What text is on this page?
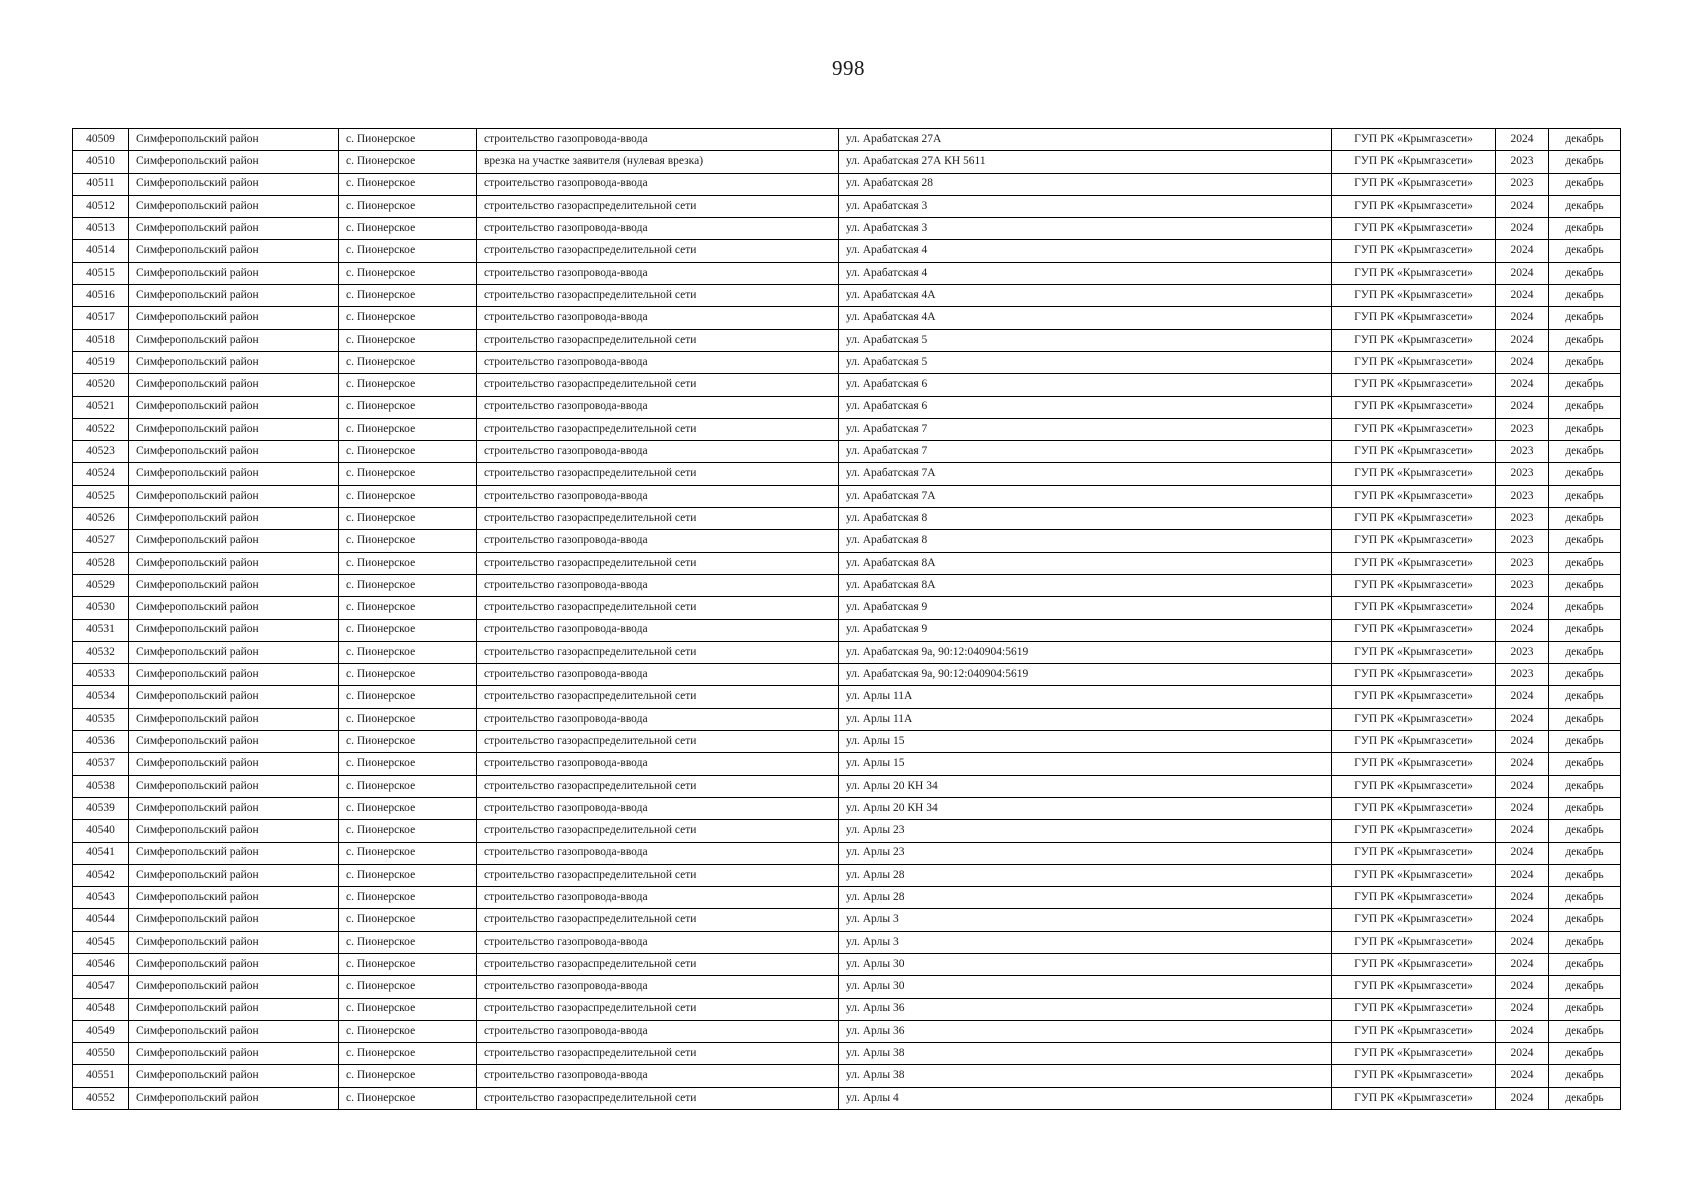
998
40509	Симферопольский район	с. Пионерское	строительство газопровода-ввода	ул. Арабатская 27А	ГУП РК «Крымгазсети»	2024	декабрь
40510	Симферопольский район	с. Пионерское	врезка на участке заявителя (нулевая врезка)	ул. Арабатская 27А КН 5611	ГУП РК «Крымгазсети»	2023	декабрь
40511	Симферопольский район	с. Пионерское	строительство газопровода-ввода	ул. Арабатская 28	ГУП РК «Крымгазсети»	2023	декабрь
40512	Симферопольский район	с. Пионерское	строительство газораспределительной сети	ул. Арабатская 3	ГУП РК «Крымгазсети»	2024	декабрь
40513	Симферопольский район	с. Пионерское	строительство газопровода-ввода	ул. Арабатская 3	ГУП РК «Крымгазсети»	2024	декабрь
40514	Симферопольский район	с. Пионерское	строительство газораспределительной сети	ул. Арабатская 4	ГУП РК «Крымгазсети»	2024	декабрь
40515	Симферопольский район	с. Пионерское	строительство газопровода-ввода	ул. Арабатская 4	ГУП РК «Крымгазсети»	2024	декабрь
40516	Симферопольский район	с. Пионерское	строительство газораспределительной сети	ул. Арабатская 4А	ГУП РК «Крымгазсети»	2024	декабрь
40517	Симферопольский район	с. Пионерское	строительство газопровода-ввода	ул. Арабатская 4А	ГУП РК «Крымгазсети»	2024	декабрь
40518	Симферопольский район	с. Пионерское	строительство газораспределительной сети	ул. Арабатская 5	ГУП РК «Крымгазсети»	2024	декабрь
40519	Симферопольский район	с. Пионерское	строительство газопровода-ввода	ул. Арабатская 5	ГУП РК «Крымгазсети»	2024	декабрь
40520	Симферопольский район	с. Пионерское	строительство газораспределительной сети	ул. Арабатская 6	ГУП РК «Крымгазсети»	2024	декабрь
40521	Симферопольский район	с. Пионерское	строительство газопровода-ввода	ул. Арабатская 6	ГУП РК «Крымгазсети»	2024	декабрь
40522	Симферопольский район	с. Пионерское	строительство газораспределительной сети	ул. Арабатская 7	ГУП РК «Крымгазсети»	2023	декабрь
40523	Симферопольский район	с. Пионерское	строительство газопровода-ввода	ул. Арабатская 7	ГУП РК «Крымгазсети»	2023	декабрь
40524	Симферопольский район	с. Пионерское	строительство газораспределительной сети	ул. Арабатская 7А	ГУП РК «Крымгазсети»	2023	декабрь
40525	Симферопольский район	с. Пионерское	строительство газопровода-ввода	ул. Арабатская 7А	ГУП РК «Крымгазсети»	2023	декабрь
40526	Симферопольский район	с. Пионерское	строительство газораспределительной сети	ул. Арабатская 8	ГУП РК «Крымгазсети»	2023	декабрь
40527	Симферопольский район	с. Пионерское	строительство газопровода-ввода	ул. Арабатская 8	ГУП РК «Крымгазсети»	2023	декабрь
40528	Симферопольский район	с. Пионерское	строительство газораспределительной сети	ул. Арабатская 8А	ГУП РК «Крымгазсети»	2023	декабрь
40529	Симферопольский район	с. Пионерское	строительство газопровода-ввода	ул. Арабатская 8А	ГУП РК «Крымгазсети»	2023	декабрь
40530	Симферопольский район	с. Пионерское	строительство газораспределительной сети	ул. Арабатская 9	ГУП РК «Крымгазсети»	2024	декабрь
40531	Симферопольский район	с. Пионерское	строительство газопровода-ввода	ул. Арабатская 9	ГУП РК «Крымгазсети»	2024	декабрь
40532	Симферопольский район	с. Пионерское	строительство газораспределительной сети	ул. Арабатская 9а, 90:12:040904:5619	ГУП РК «Крымгазсети»	2023	декабрь
40533	Симферопольский район	с. Пионерское	строительство газопровода-ввода	ул. Арабатская 9а, 90:12:040904:5619	ГУП РК «Крымгазсети»	2023	декабрь
40534	Симферопольский район	с. Пионерское	строительство газораспределительной сети	ул. Арлы 11А	ГУП РК «Крымгазсети»	2024	декабрь
40535	Симферопольский район	с. Пионерское	строительство газопровода-ввода	ул. Арлы 11А	ГУП РК «Крымгазсети»	2024	декабрь
40536	Симферопольский район	с. Пионерское	строительство газораспределительной сети	ул. Арлы 15	ГУП РК «Крымгазсети»	2024	декабрь
40537	Симферопольский район	с. Пионерское	строительство газопровода-ввода	ул. Арлы 15	ГУП РК «Крымгазсети»	2024	декабрь
40538	Симферопольский район	с. Пионерское	строительство газораспределительной сети	ул. Арлы 20 КН 34	ГУП РК «Крымгазсети»	2024	декабрь
40539	Симферопольский район	с. Пионерское	строительство газопровода-ввода	ул. Арлы 20 КН 34	ГУП РК «Крымгазсети»	2024	декабрь
40540	Симферопольский район	с. Пионерское	строительство газораспределительной сети	ул. Арлы 23	ГУП РК «Крымгазсети»	2024	декабрь
40541	Симферопольский район	с. Пионерское	строительство газопровода-ввода	ул. Арлы 23	ГУП РК «Крымгазсети»	2024	декабрь
40542	Симферопольский район	с. Пионерское	строительство газораспределительной сети	ул. Арлы 28	ГУП РК «Крымгазсети»	2024	декабрь
40543	Симферопольский район	с. Пионерское	строительство газопровода-ввода	ул. Арлы 28	ГУП РК «Крымгазсети»	2024	декабрь
40544	Симферопольский район	с. Пионерское	строительство газораспределительной сети	ул. Арлы 3	ГУП РК «Крымгазсети»	2024	декабрь
40545	Симферопольский район	с. Пионерское	строительство газопровода-ввода	ул. Арлы 3	ГУП РК «Крымгазсети»	2024	декабрь
40546	Симферопольский район	с. Пионерское	строительство газораспределительной сети	ул. Арлы 30	ГУП РК «Крымгазсети»	2024	декабрь
40547	Симферопольский район	с. Пионерское	строительство газопровода-ввода	ул. Арлы 30	ГУП РК «Крымгазсети»	2024	декабрь
40548	Симферопольский район	с. Пионерское	строительство газораспределительной сети	ул. Арлы 36	ГУП РК «Крымгазсети»	2024	декабрь
40549	Симферопольский район	с. Пионерское	строительство газопровода-ввода	ул. Арлы 36	ГУП РК «Крымгазсети»	2024	декабрь
40550	Симферопольский район	с. Пионерское	строительство газораспределительной сети	ул. Арлы 38	ГУП РК «Крымгазсети»	2024	декабрь
40551	Симферопольский район	с. Пионерское	строительство газопровода-ввода	ул. Арлы 38	ГУП РК «Крымгазсети»	2024	декабрь
40552	Симферопольский район	с. Пионерское	строительство газораспределительной сети	ул. Арлы 4	ГУП РК «Крымгазсети»	2024	декабрь
